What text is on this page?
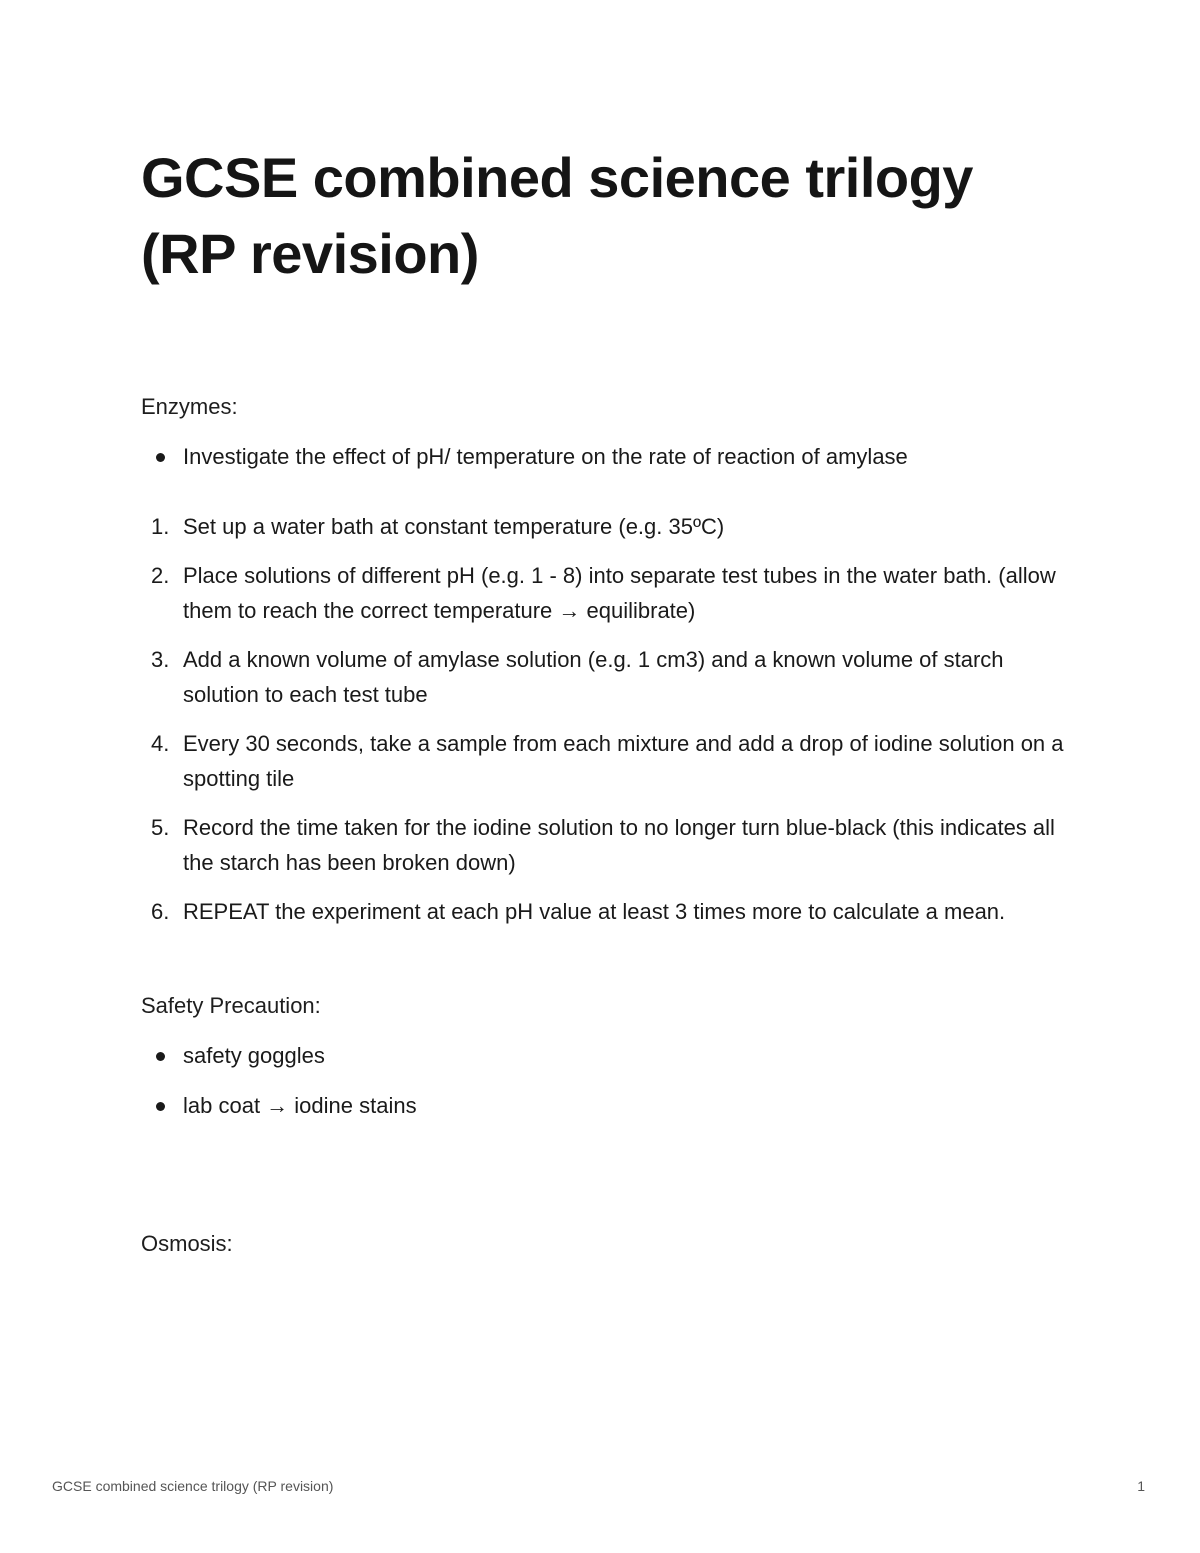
GCSE combined science trilogy
(RP revision)

Enzymes:

Investigate the effect of pH/ temperature on the rate of reaction of amylase
1. Set up a water bath at constant temperature (e.g. 35ºC)
2. Place solutions of different pH (e.g. 1 - 8) into separate test tubes in the water bath. (allow them to reach the correct temperature → equilibrate)
3. Add a known volume of amylase solution (e.g. 1 cm3) and a known volume of starch solution to each test tube
4. Every 30 seconds, take a sample from each mixture and add a drop of iodine solution on a spotting tile
5. Record the time taken for the iodine solution to no longer turn blue-black (this indicates all the starch has been broken down)
6. REPEAT the experiment at each pH value at least 3 times more to calculate a mean.

Safety Precaution:

safety goggles
lab coat → iodine stains

Osmosis:

GCSE combined science trilogy (RP revision)	1
